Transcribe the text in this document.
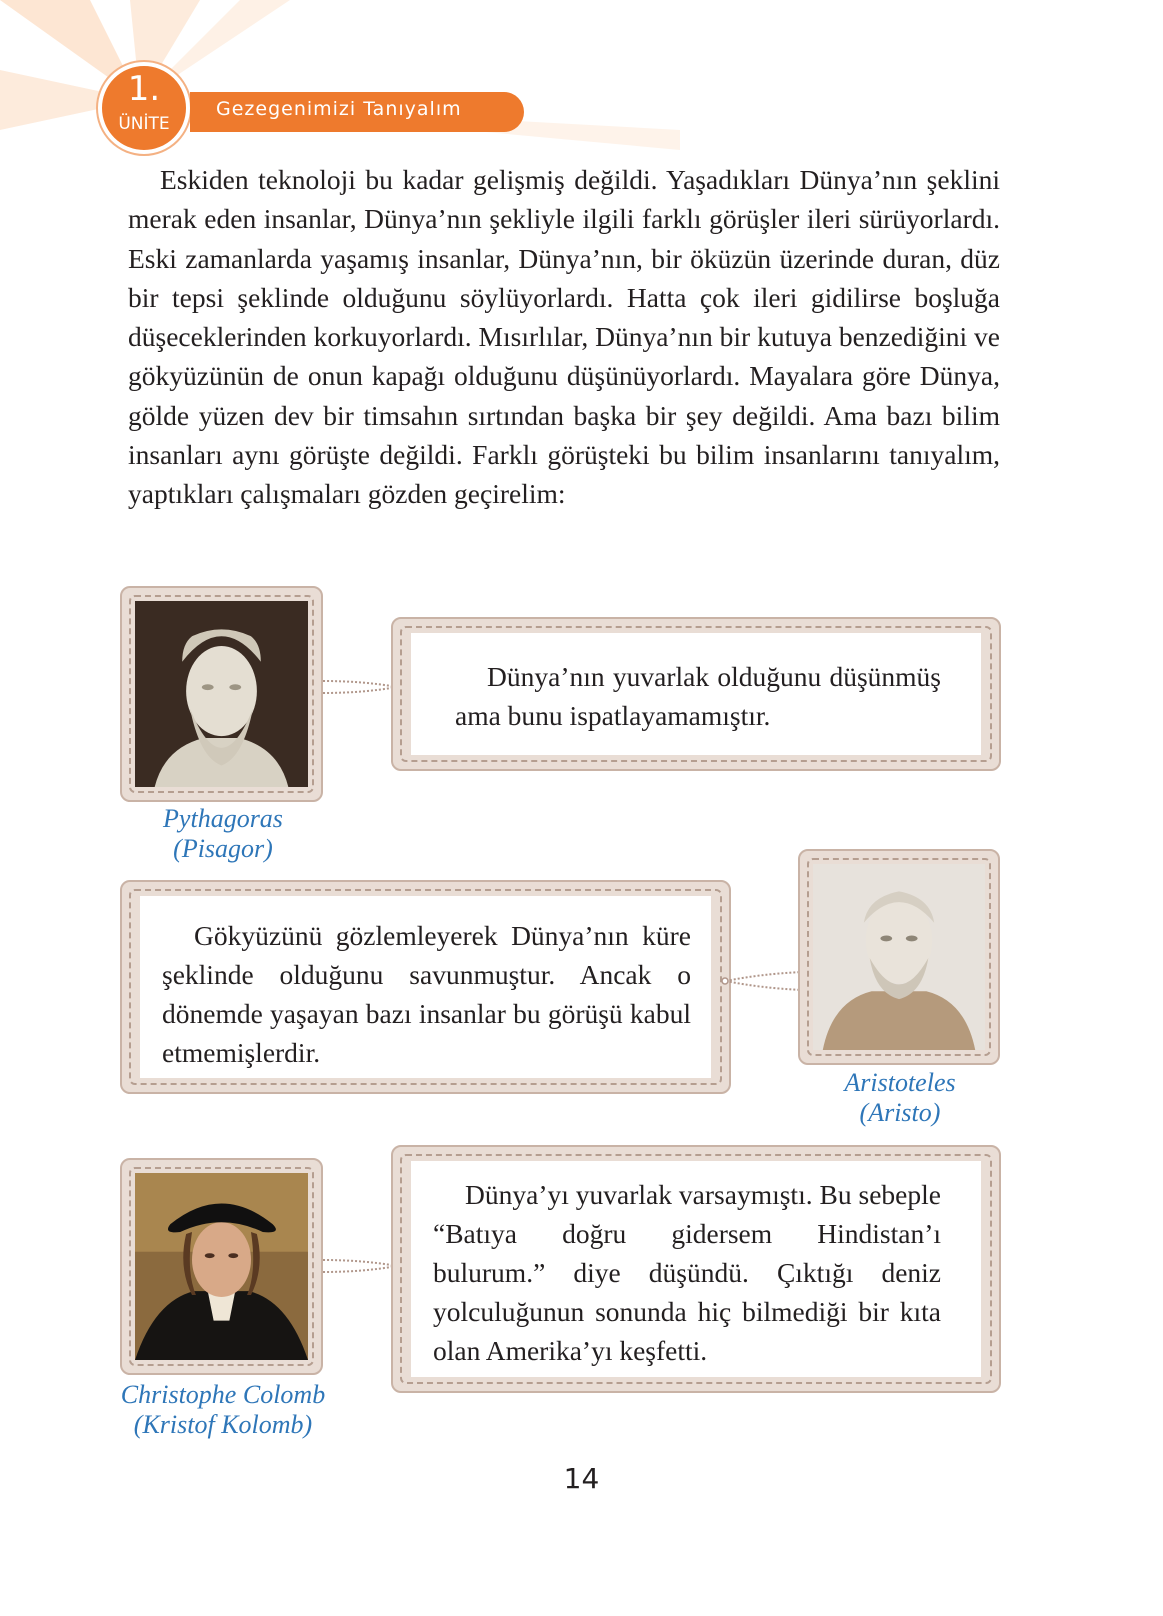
1.
ÜNİTE
Gezegenimizi Tanıyalım

Eskiden teknoloji bu kadar gelişmiş değildi. Yaşadıkları Dünya’nın şeklini merak eden insanlar, Dünya’nın şekliyle ilgili farklı görüşler ileri sürüyorlardı. Eski zamanlarda yaşamış insanlar, Dünya’nın, bir öküzün üzerinde duran, düz bir tepsi şeklinde olduğunu söylüyorlardı. Hatta çok ileri gidilirse boşluğa düşeceklerinden korkuyorlardı. Mısırlılar, Dünya’nın bir kutuya benzediğini ve gökyüzünün de onun kapağı olduğunu düşünüyorlardı. Mayalara göre Dünya, gölde yüzen dev bir timsahın sırtından başka bir şey değildi. Ama bazı bilim insanları aynı görüşte değildi. Farklı görüşteki bu bilim insanlarını tanıyalım, yaptıkları çalışmaları gözden geçirelim:

Pythagoras
(Pisagor)

Dünya’nın yuvarlak olduğunu düşünmüş ama bunu ispatlayamamıştır.

Gökyüzünü gözlemleyerek Dünya’nın küre şeklinde olduğunu savunmuştur. Ancak o dönemde yaşayan bazı insanlar bu görüşü kabul etmemişlerdir.

Aristoteles
(Aristo)
Christophe Colomb
(Kristof Kolomb)

Dünya’yı yuvarlak varsaymıştı. Bu sebeple “Batıya doğru gidersem Hindistan’ı bulurum.” diye düşündü. Çıktığı deniz yolculuğunun sonunda hiç bilmediği bir kıta olan Amerika’yı keşfetti.

14
